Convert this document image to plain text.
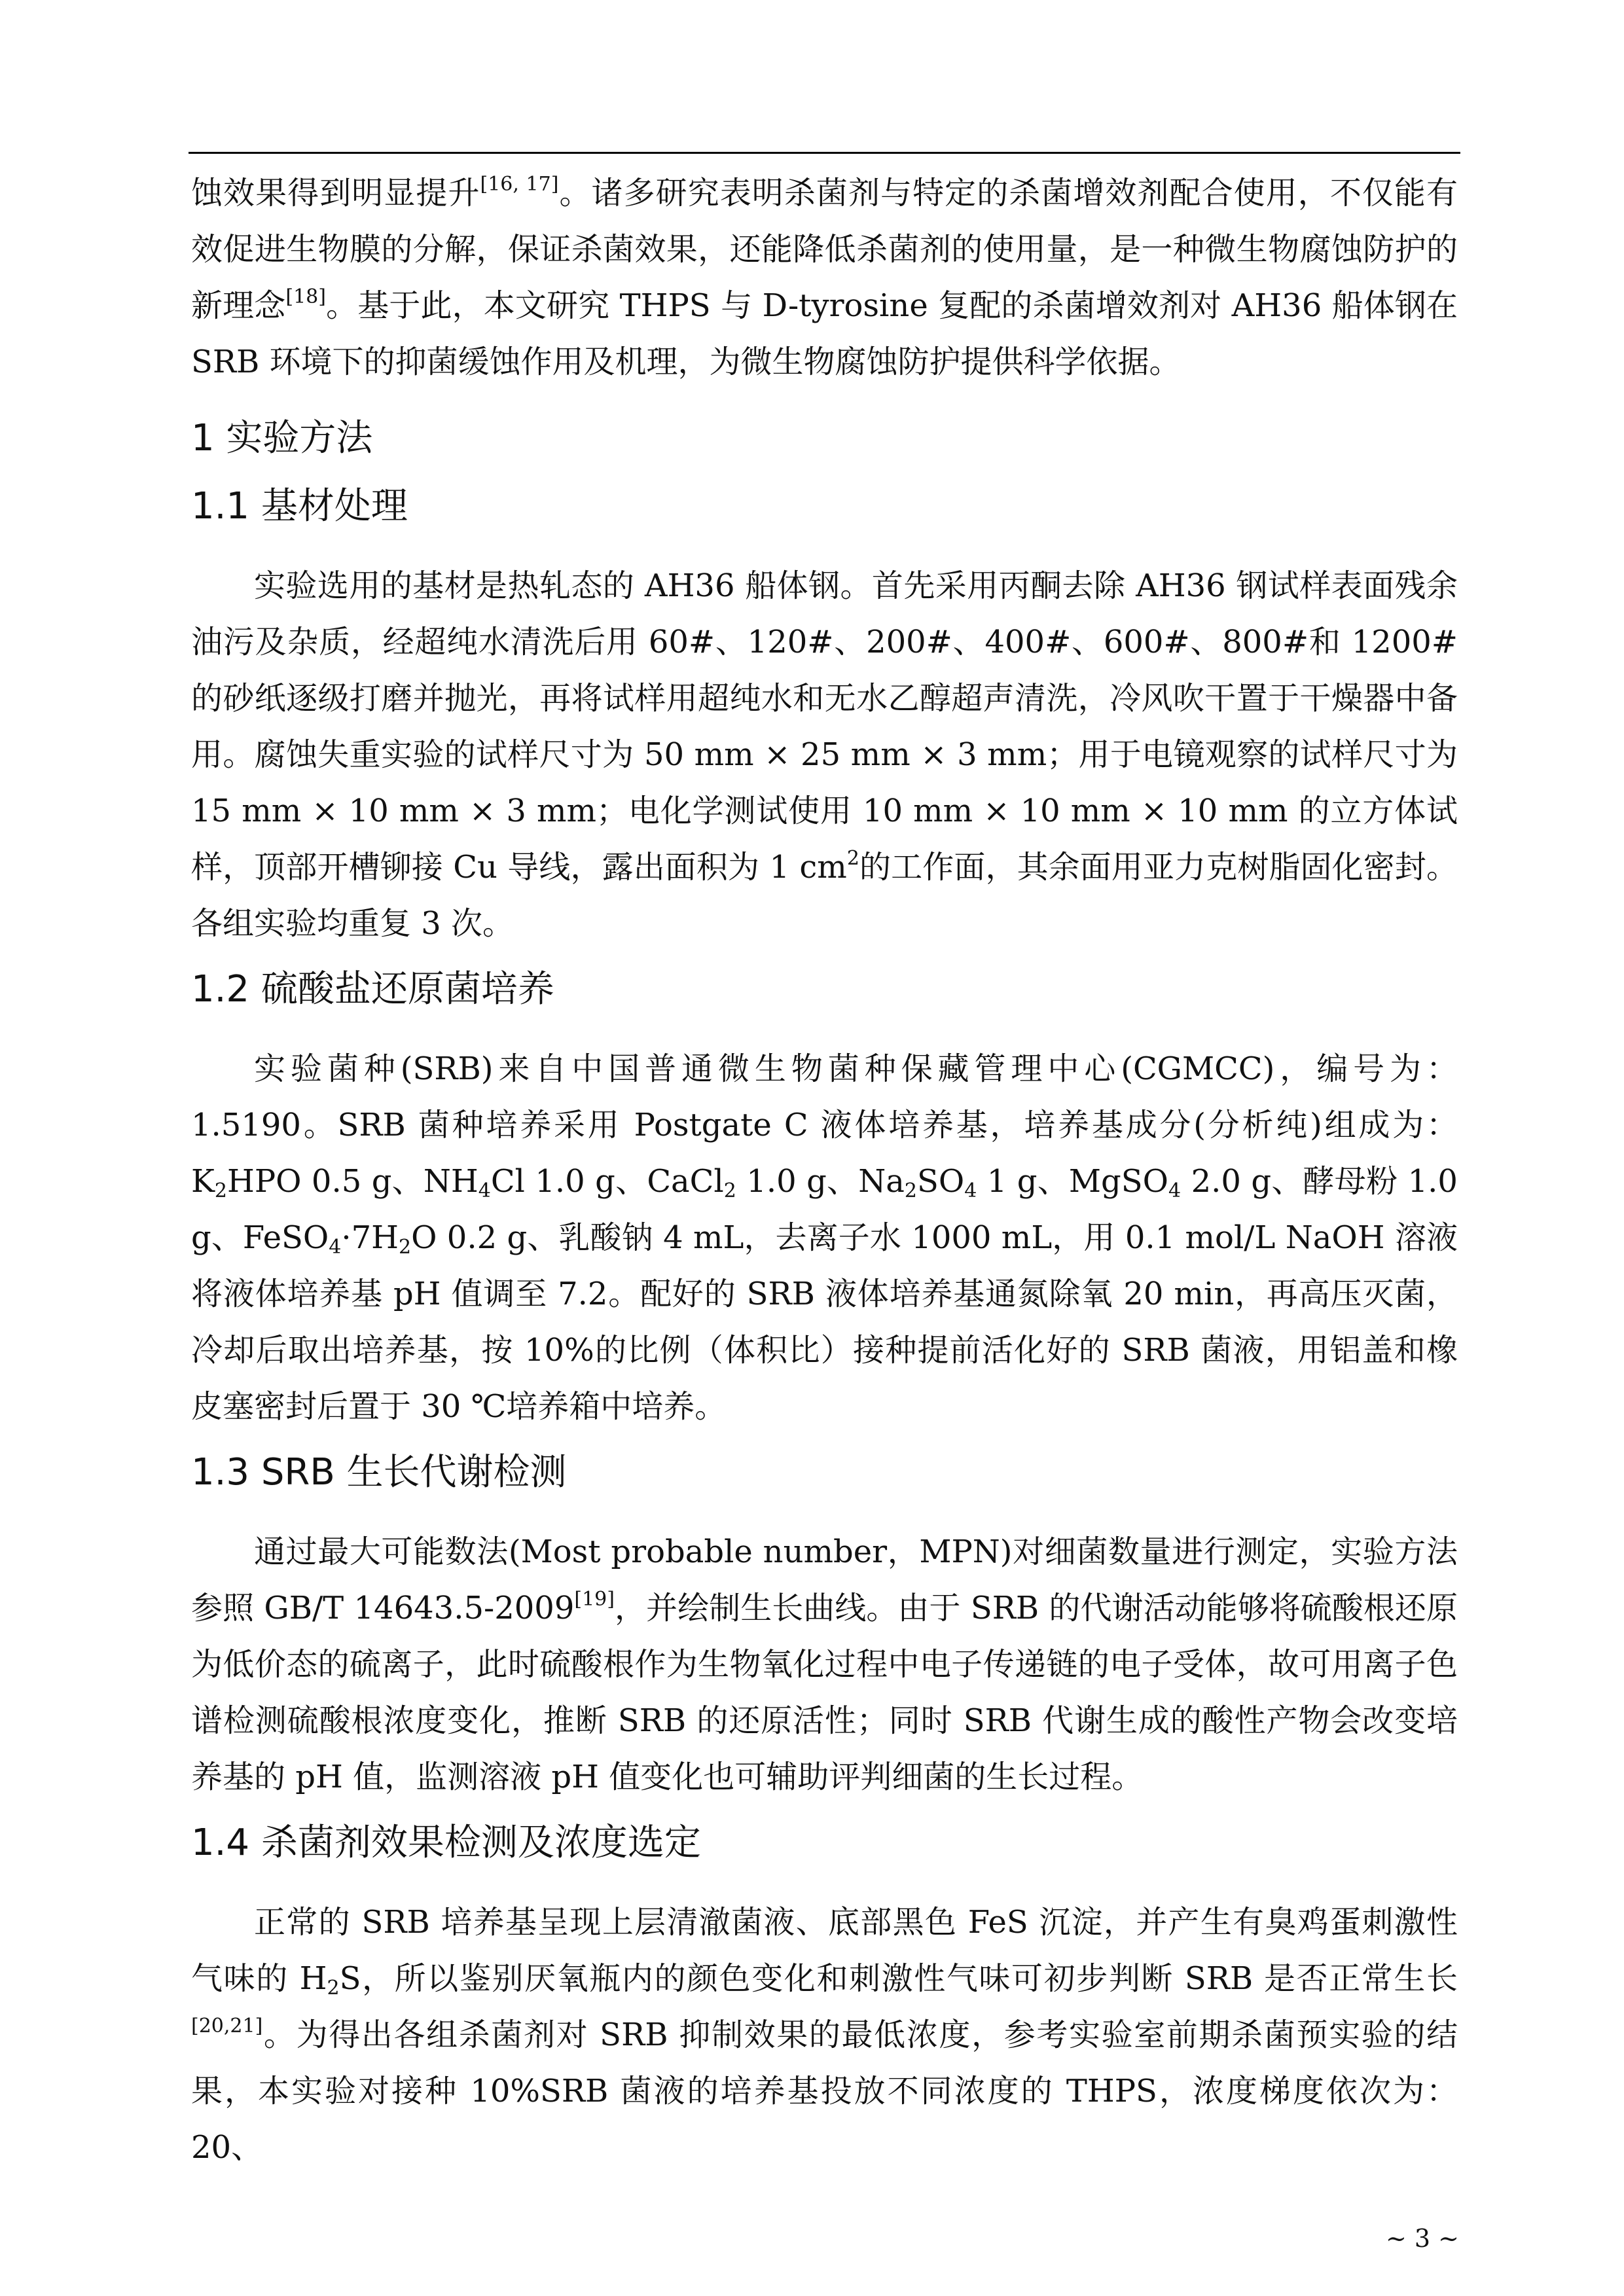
蚀效果得到明显提升[16, 17]。诸多研究表明杀菌剂与特定的杀菌增效剂配合使用，不仅能有效促进生物膜的分解，保证杀菌效果，还能降低杀菌剂的使用量，是一种微生物腐蚀防护的新理念[18]。基于此，本文研究 THPS 与 D-tyrosine 复配的杀菌增效剂对 AH36 船体钢在 SRB 环境下的抑菌缓蚀作用及机理，为微生物腐蚀防护提供科学依据。

1 实验方法
1.1 基材处理

实验选用的基材是热轧态的 AH36 船体钢。首先采用丙酮去除 AH36 钢试样表面残余油污及杂质，经超纯水清洗后用 60#、120#、200#、400#、600#、800#和 1200#的砂纸逐级打磨并抛光，再将试样用超纯水和无水乙醇超声清洗，冷风吹干置于干燥器中备用。腐蚀失重实验的试样尺寸为 50 mm × 25 mm × 3 mm；用于电镜观察的试样尺寸为 15 mm × 10 mm × 3 mm；电化学测试使用 10 mm × 10 mm × 10 mm 的立方体试样，顶部开槽铆接 Cu 导线，露出面积为 1 $cm^2$的工作面，其余面用亚力克树脂固化密封。各组实验均重复 3 次。

1.2 硫酸盐还原菌培养

实验菌种(SRB)来自中国普通微生物菌种保藏管理中心(CGMCC)，编号为：1.5190。SRB 菌种培养采用 Postgate C 液体培养基，培养基成分(分析纯)组成为：$K_2HPO$ 0.5 g、$NH_4Cl$ 1.0 g、CaCl$_2$ 1.0 g、$Na_2SO_4$ 1 g、MgSO$_4$ 2.0 g、酵母粉 1.0 g、$FeSO_4\cdot 7H_2O$ 0.2 g、乳酸钠 4 mL，去离子水 1000 mL，用 0.1 mol/L NaOH 溶液将液体培养基 pH 值调至 7.2。配好的 SRB 液体培养基通氮除氧 20 min，再高压灭菌，冷却后取出培养基，按 10%的比例（体积比）接种提前活化好的 SRB 菌液，用铝盖和橡皮塞密封后置于 30 ℃培养箱中培养。

1.3 SRB 生长代谢检测

通过最大可能数法(Most probable number，MPN)对细菌数量进行测定，实验方法参照 GB/T 14643.5-2009[19]，并绘制生长曲线。由于 SRB 的代谢活动能够将硫酸根还原为低价态的硫离子，此时硫酸根作为生物氧化过程中电子传递链的电子受体，故可用离子色谱检测硫酸根浓度变化，推断 SRB 的还原活性；同时 SRB 代谢生成的酸性产物会改变培养基的 pH 值，监测溶液 pH 值变化也可辅助评判细菌的生长过程。

1.4 杀菌剂效果检测及浓度选定

正常的 SRB 培养基呈现上层清澈菌液、底部黑色 FeS 沉淀，并产生有臭鸡蛋刺激性气味的 $H_2S$，所以鉴别厌氧瓶内的颜色变化和刺激性气味可初步判断 SRB 是否正常生长[20,21]。为得出各组杀菌剂对 SRB 抑制效果的最低浓度，参考实验室前期杀菌预实验的结果，本实验对接种 10%SRB 菌液的培养基投放不同浓度的 THPS，浓度梯度依次为：20、

~ 3 ~
